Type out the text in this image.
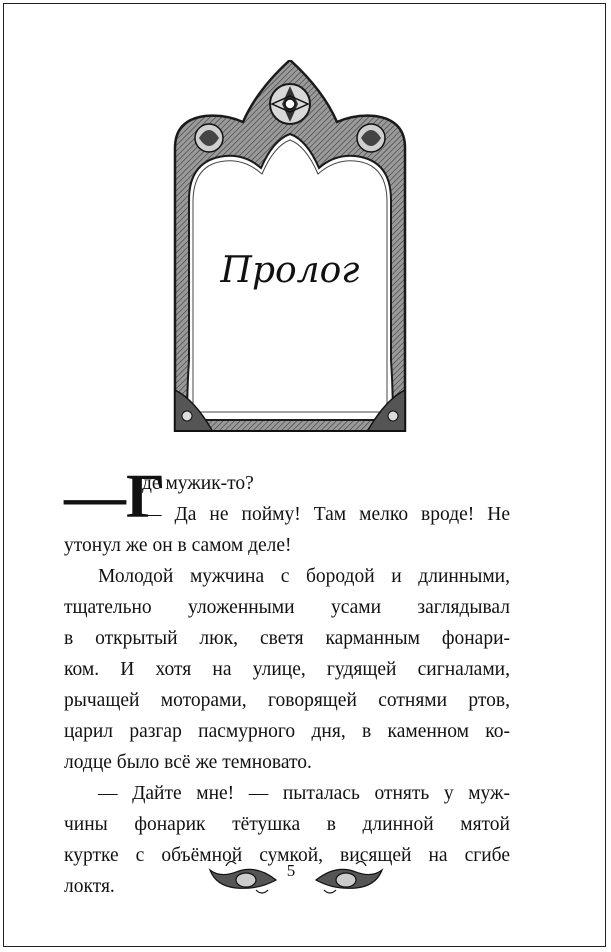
Пролог
—Г
де мужик-то?
— Да не пойму! Там мелко вроде! Не
утонул же он в самом деле!
Молодой мужчина с бородой и длинными,
тщательно уложенными усами заглядывал
в открытый люк, светя карманным фонари-
ком. И хотя на улице, гудящей сигналами,
рычащей моторами, говорящей сотнями ртов,
царил разгар пасмурного дня, в каменном ко-
лодце было всё же темновато.
— Дайте мне! — пыталась отнять у муж-
чины фонарик тётушка в длинной мятой
куртке с объёмной сумкой, висящей на сгибе
локтя.
5
